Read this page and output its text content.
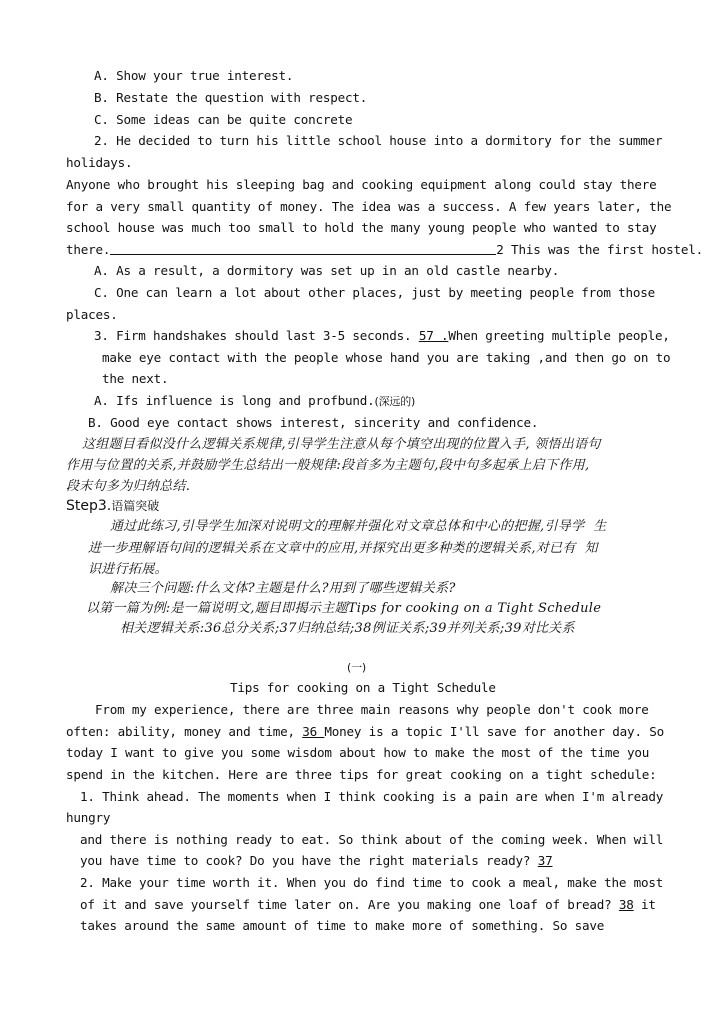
A. Show your true interest.
B. Restate the question with respect.
C. Some ideas can be quite concrete
2. He decided to turn his little school house into a dormitory for the summer
holidays.
Anyone who brought his sleeping bag and cooking equipment along could stay there
for a very small quantity of money. The idea was a success. A few years later, the
school house was much too small to hold the many young people who wanted to stay
there.	2 This was the first hostel.
A. As a result, a dormitory was set up in an old castle nearby.
C. One can learn a lot about other places, just by meeting people from those
places.
3. Firm handshakes should last 3-5 seconds. 57 .When greeting multiple people,
make eye contact with the people whose hand you are taking ,and then go on to
the next.
A. Ifs influence is long and profbund.(深远的)
B. Good eye contact shows interest, sincerity and confidence.
这组题目看似没什么逻辑关系规律,引导学生注意从每个填空出现的位置入手, 领悟出语句
作用与位置的关系,并鼓励学生总结出一般规律:段首多为主题句,段中句多起承上启下作用,
段末句多为归纳总结.
Step3.语篇突破
通过此练习,引导学生加深对说明文的理解并强化对文章总体和中心的把握,引导学  生
进一步理解语句间的逻辑关系在文章中的应用,并探究出更多种类的逻辑关系,对已有  知
识进行拓展。
解决三个问题:什么文体?主题是什么?用到了哪些逻辑关系?
以第一篇为例:是一篇说明文,题目即揭示主题Tips for cooking on a Tight Schedule
相关逻辑关系:36总分关系;37归纳总结;38例证关系;39并列关系;39对比关系
(一)
Tips for cooking on a Tight Schedule
From my experience, there are three main reasons why people don't cook more
often: ability, money and time, 36 Money is a topic I'll save for another day. So
today I want to give you some wisdom about how to make the most of the time you
spend in the kitchen. Here are three tips for great cooking on a tight schedule:
1. Think ahead. The moments when I think cooking is a pain are when I'm already
hungry
and there is nothing ready to eat. So think about of the coming week. When will
you have time to cook? Do you have the right materials ready? 37
2. Make your time worth it. When you do find time to cook a meal, make the most
of it and save yourself time later on. Are you making one loaf of bread? 38 it
takes around the same amount of time to make more of something. So save
